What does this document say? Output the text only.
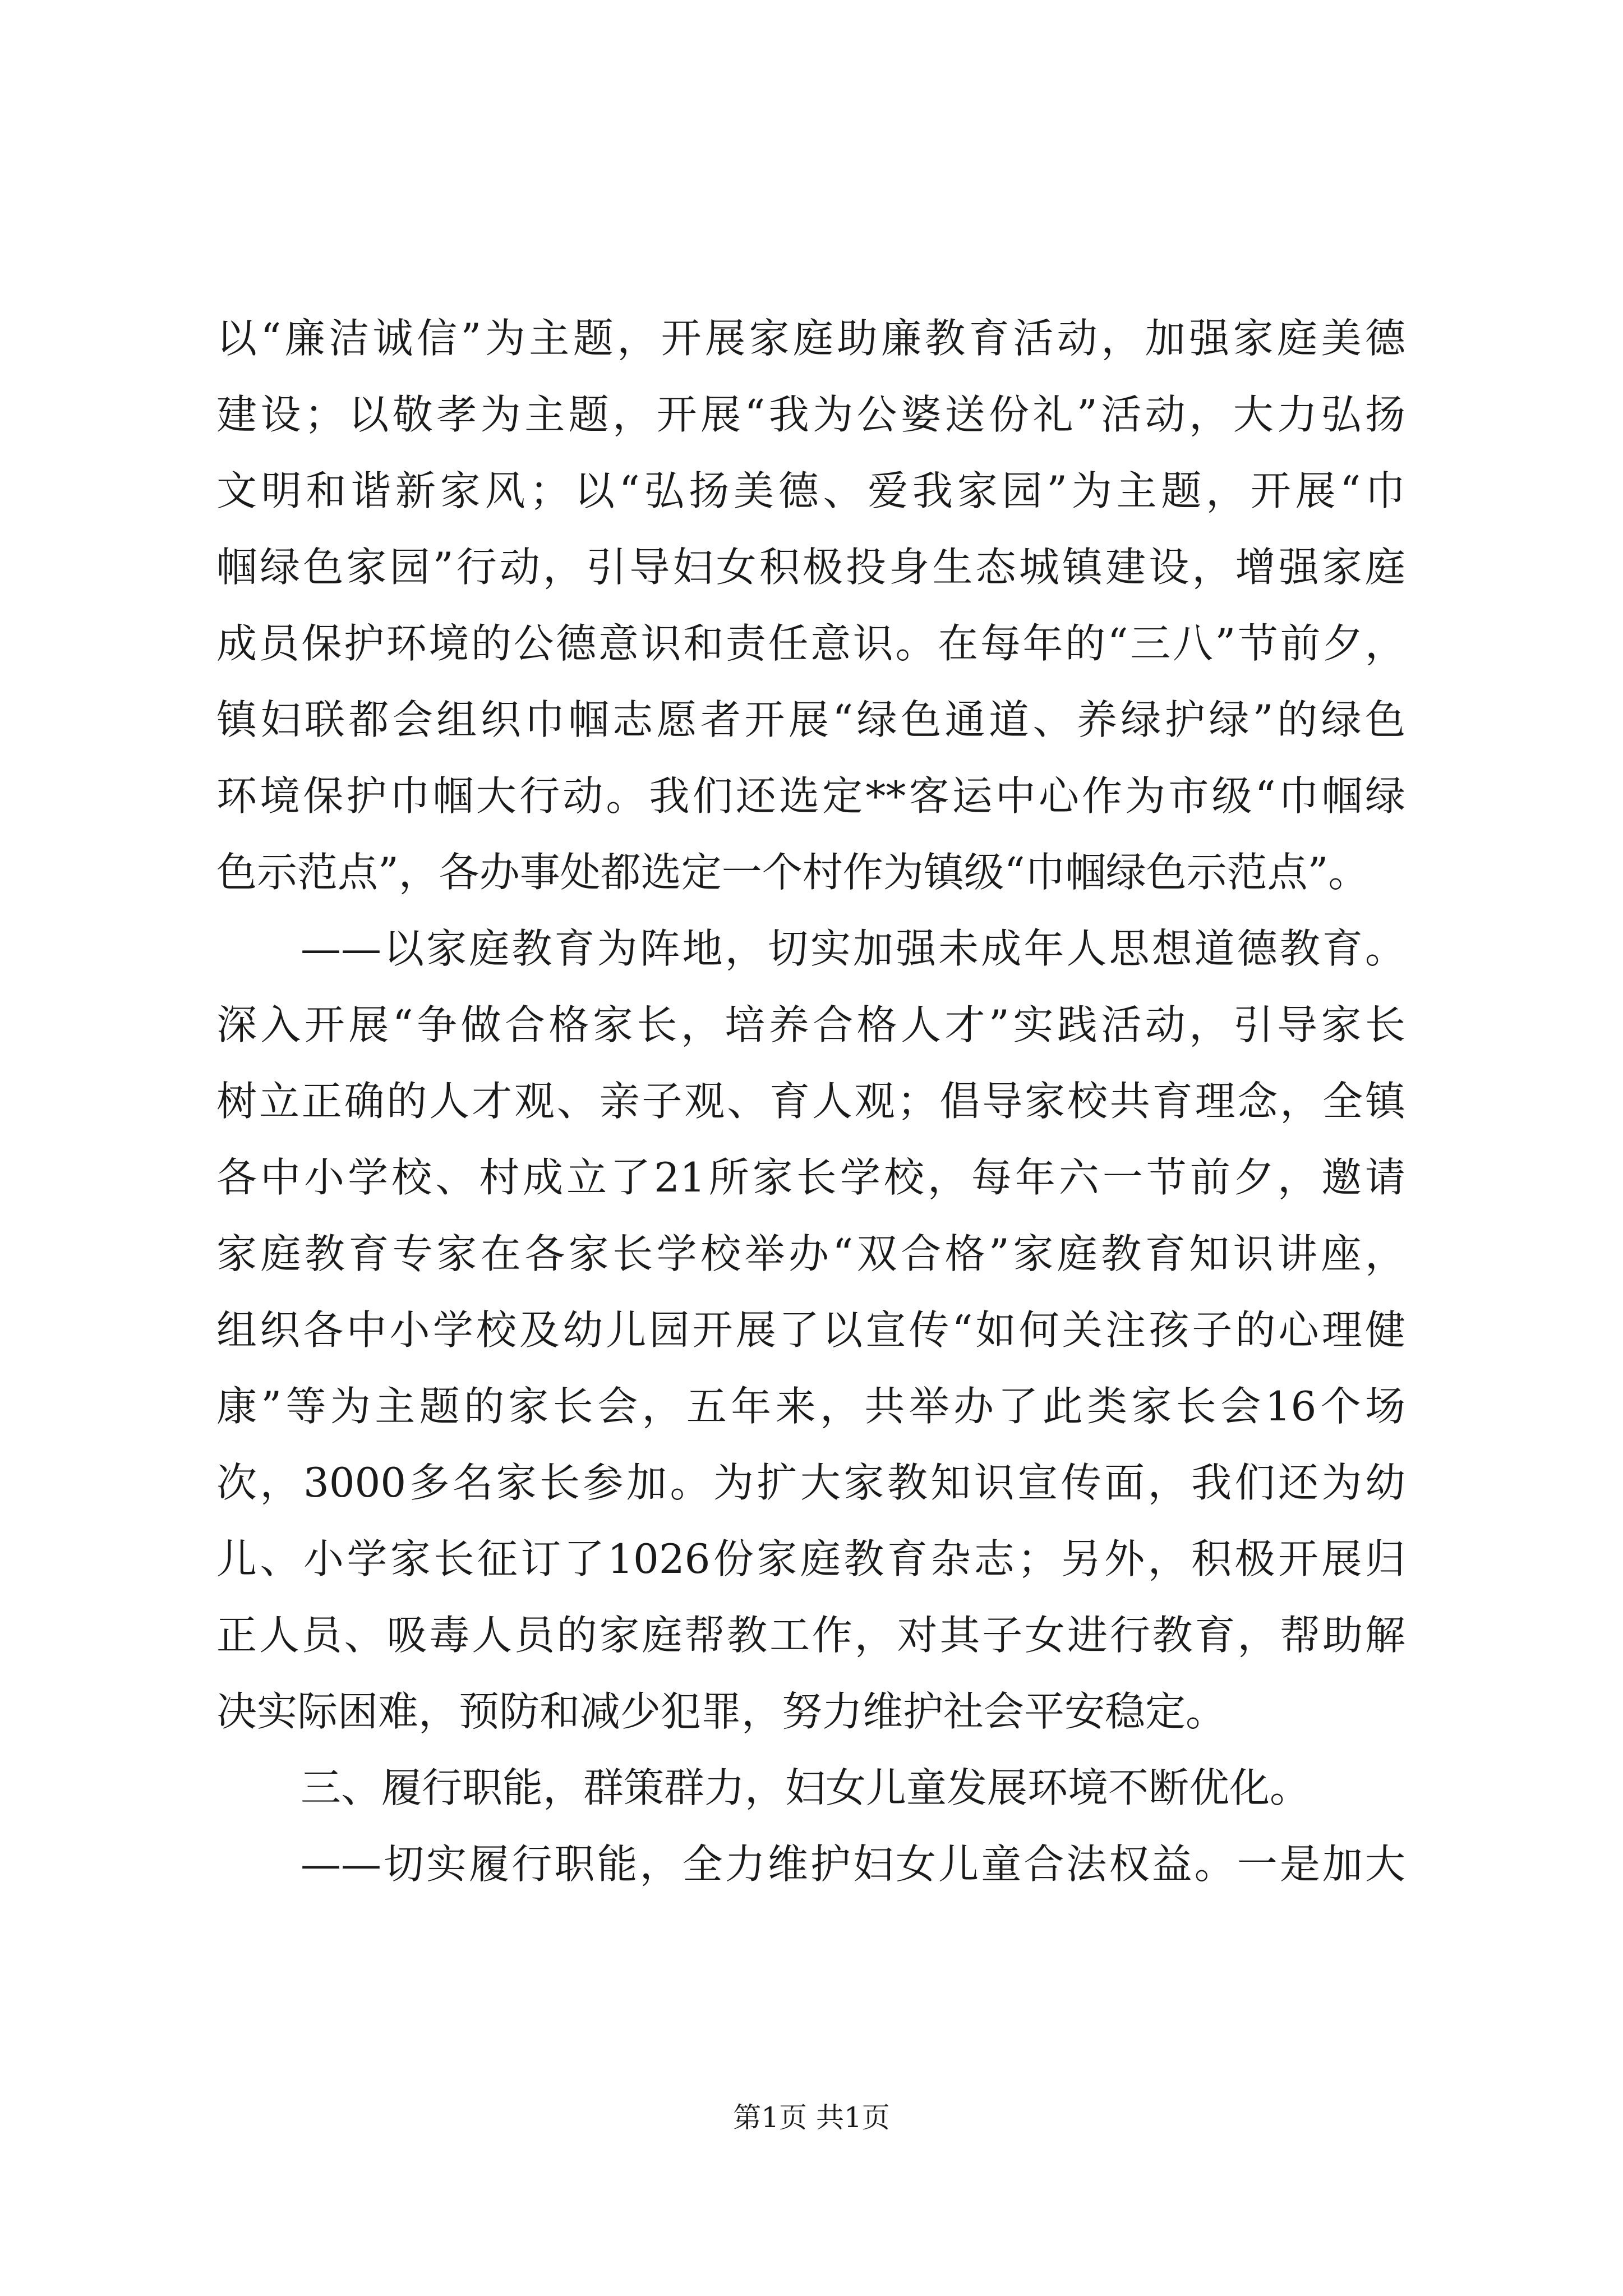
以“廉洁诚信”为主题，开展家庭助廉教育活动，加强家庭美德
建设；以敬孝为主题，开展“我为公婆送份礼”活动，大力弘扬
文明和谐新家风；以“弘扬美德、爱我家园”为主题，开展“巾
帼绿色家园”行动，引导妇女积极投身生态城镇建设，增强家庭
成员保护环境的公德意识和责任意识。在每年的“三八”节前夕，
镇妇联都会组织巾帼志愿者开展“绿色通道、养绿护绿”的绿色
环境保护巾帼大行动。我们还选定**客运中心作为市级“巾帼绿
色示范点”，各办事处都选定一个村作为镇级“巾帼绿色示范点”。
——以家庭教育为阵地，切实加强未成年人思想道德教育。
深入开展“争做合格家长，培养合格人才”实践活动，引导家长
树立正确的人才观、亲子观、育人观；倡导家校共育理念，全镇
各中小学校、村成立了21所家长学校，每年六一节前夕，邀请
家庭教育专家在各家长学校举办“双合格”家庭教育知识讲座，
组织各中小学校及幼儿园开展了以宣传“如何关注孩子的心理健
康”等为主题的家长会，五年来，共举办了此类家长会16个场
次，3000多名家长参加。为扩大家教知识宣传面，我们还为幼
儿、小学家长征订了1026份家庭教育杂志；另外，积极开展归
正人员、吸毒人员的家庭帮教工作，对其子女进行教育，帮助解
决实际困难，预防和减少犯罪，努力维护社会平安稳定。
三、履行职能，群策群力，妇女儿童发展环境不断优化。
——切实履行职能，全力维护妇女儿童合法权益。一是加大
第1页 共1页
